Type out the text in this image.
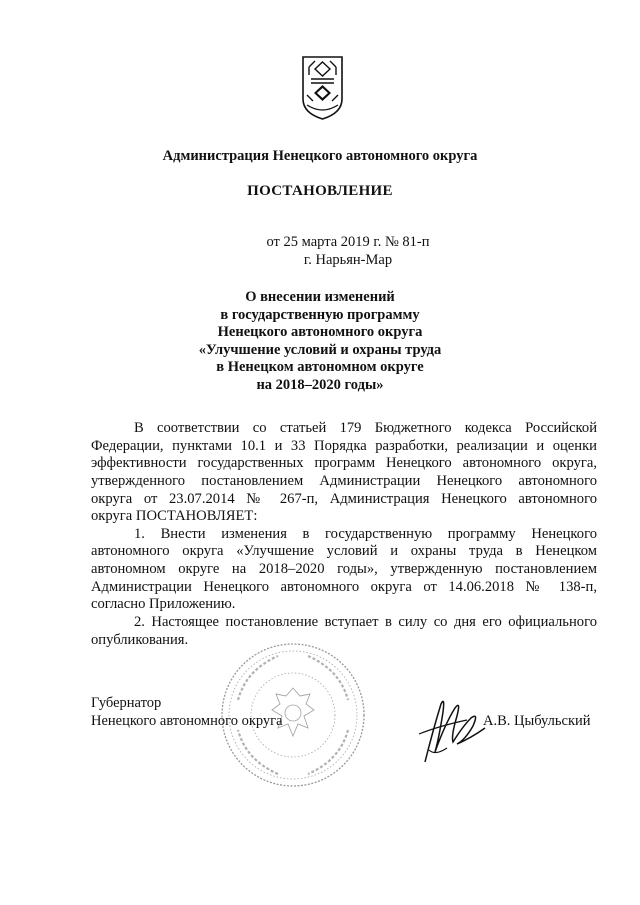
Администрация Ненецкого автономного округа
ПОСТАНОВЛЕНИЕ
от 25 марта 2019 г. № 81-п
г. Нарьян-Мар
О внесении изменений
в государственную программу
Ненецкого автономного округа
«Улучшение условий и охраны труда
в Ненецком автономном округе
на 2018–2020 годы»
В соответствии со статьей 179 Бюджетного кодекса Российской
Федерации, пунктами 10.1 и 33 Порядка разработки, реализации и оценки
эффективности государственных программ Ненецкого автономного округа,
утвержденного постановлением Администрации Ненецкого автономного
округа от 23.07.2014 № 267-п, Администрация Ненецкого автономного
округа ПОСТАНОВЛЯЕТ:
1. Внести изменения в государственную программу Ненецкого
автономного округа «Улучшение условий и охраны труда в Ненецком
автономном округе на 2018–2020 годы», утвержденную постановлением
Администрации Ненецкого автономного округа от 14.06.2018 № 138-п,
согласно Приложению.
2. Настоящее постановление вступает в силу со дня его официального
опубликования.
Губернатор
Ненецкого автономного округа	А.В. Цыбульский
